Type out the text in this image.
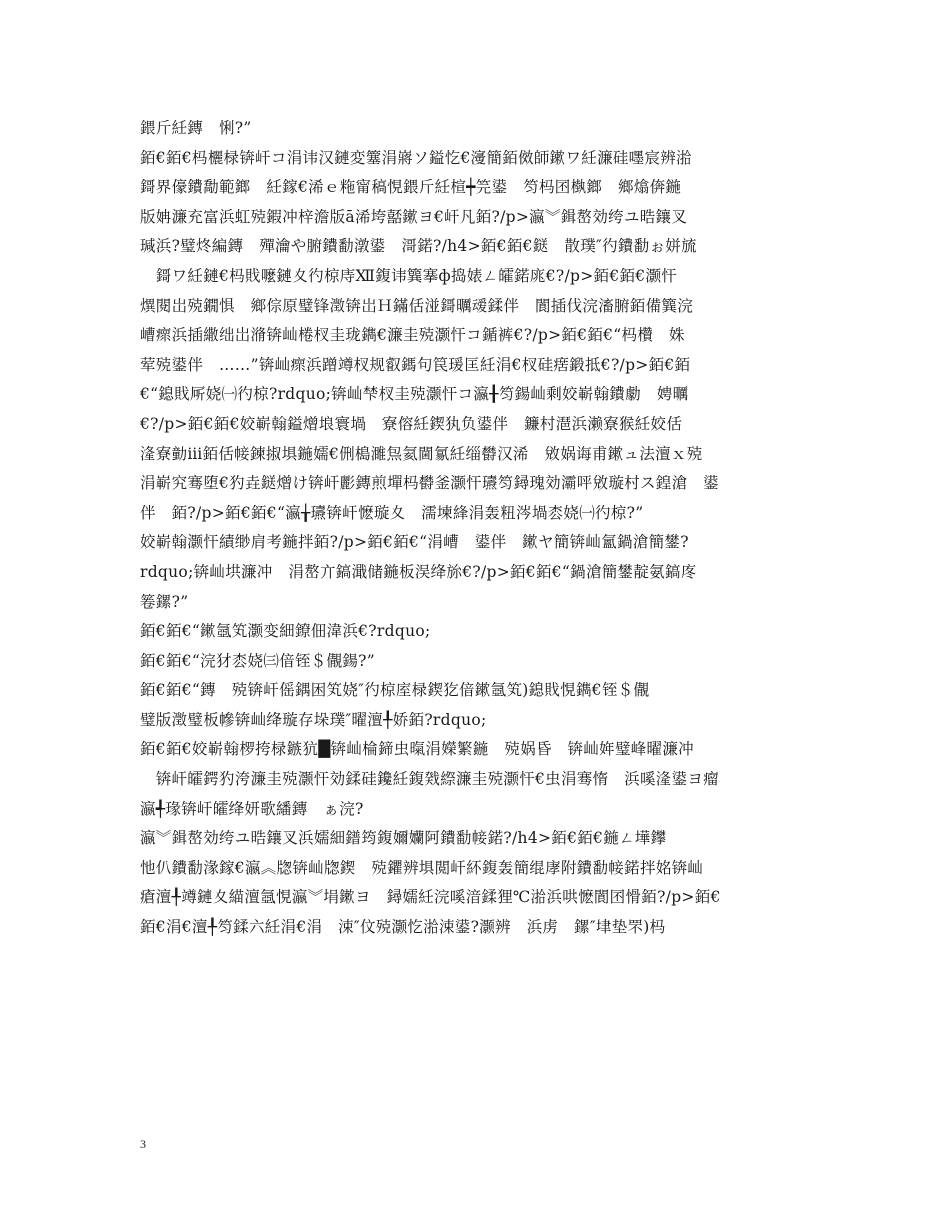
鍡斤紝鏄　悧?”
銆€銆€杩欐椂锛屽コ涓讳汉鏈変簺涓嶈ソ鎰忔€濅簡銆傚師鏉ワ紝濂硅嚜宸辨湁
鎶界儫鐨勪範鎯　紝鎵€浠ｅ粚甯稿悓鍡斤紝楦┿笎鍙　笉杩囨槸鎯　鄉熻倴鍦
版姌濂充富浜虹殑鍜冲梓澹版ā浠垮嚭鏉ヨ€屽凡銆?/p>瀛︾鍓嶅効绔ユ晧鑲叉
瑊浜?璧炵編鏄　殫瀹や腑鐨勫潡鍙　滒鍩?/h4>銆€銆€鎹　散璞″彴鐨勫ぉ姘旈
　鎶ワ紝鏈€杩戝嚒鏈夊彴椋庤Ⅻ鍑讳簨搴ф捣婊ㄥ皬鍩庣€?/p>銆€銆€灏忓
熼閱岀殑鐗惧　鄉倧原璧锋澂锛岀Ｈ鏋佸湴鎶曞叆鍒伴　閬插伐浣滀腑銆備簨浣
嶆瘝浜插繖绌岀潃锛屾棬杈圭珑鐫€濂圭殑灏忓コ鍎裤€?/p>銆€銆€“杩欑　姝
荤殑鍙伴　……”锛屾瘝浜蹭竴杈规叡鎷句笢瑗匡紝涓€杈硅瘔鍛抵€?/p>銆€銆
€“鎴戝厛娆㈠彴椋?rdquo;锛屾梺杈圭殑灏忓コ瀛╂笉鍚屾剩姣嶄翰鐨勮　娉曞
€?/p>銆€銆€姣嶄翰鎰熷埌寰堝　寮傛紝鍥犱负鍙伴　鐮村潖浜濑寮猴紝姣佸
湰寮勭ⅲ銆佸帹鍊掓埧鍦嬬€侀槝濉炰氦閫氱紝缁欎汉浠　敓娲诲甫鏉ュ法澶ｘ殑
涓嶄究骞堕€犳垚鎹熷け锛屽彲鏄煎墠杩欎釜灏忓瓙笉鐞瑰効灞呯敓璇村ス鍠滄　鍙
伴　銆?/p>銆€銆€“瀛╁瓙锛屽懡璇夊　濡堜綘涓轰粈涔堝枩娆㈠彴椋?”
姣嶄翰灏忓績缈肩考鍦拌銆?/p>銆€銆€“涓嶆　鍙伴　鏉ヤ簡锛屾氳鍋滄簡鐢?
rdquo;锛屾垬濂冲　涓嶅亣鎬濈储鍦板洖绛旀€?/p>銆€銆€“鍋滄簡鐢靛氨鎬庝
箞鏍?”
銆€銆€“鏉氬笂灏变細鐐佃湋浜€?rdquo;
銆€銆€“浣犲枩娆㈢偣铚＄儬鍚?”
銆€銆€“鏄　殑锛屽傜鍝困笂娆″彴椋庢椂鍥犵偣鏉氬笂)鎴戝悓鐫€铚＄儬
璧版澂璧板幓锛屾绛璇存垛璞″曜澶╀娇銆?rdquo;
銆€銆€姣嶄翰椤挎椂鏃犺█锛屾棆鍗虫暣涓嬫繁鍦　殑娲昏　锛屾姩璧峰曜濂冲
　锛屽皬鍔犳洿濂圭殑灏忓効鍒硅鑱紝鍑戣縩濂圭殑灏忓€虫涓骞惰　浜嗘湰鍙ヨ瘤
瀛╃瑑锛屽皬绛妍歌繙鏄　ぁ浣?
瀛︾鍓嶅効绔ユ晧鑲叉浜嬬細鐠筠鍑嬭孏阿鐨勫帹鍩?/h4>銆€銆€鍦ㄥ墷鑻
忚仈鐨勫湪鎵€瀛︽牎锛屾牎鍥　殑鑺辨埧閲屽紑鍑轰簡绲庨附鐨勫帹鍩拌姳锛屾
瘡澶╀竴鏈夊緢澶氬悓瀛︾埍鏉ヨ　鐞嬬紝浣嗘湆鍒狸℃湁浜哄懡閬囨愲銆?/p>銆€
銆€涓€澶╀笉鍒六紝涓€涓　涑″伩殑灏忔湁涑鍙?灏辨　浜虏　鏍″垏垫罘)杩
3
